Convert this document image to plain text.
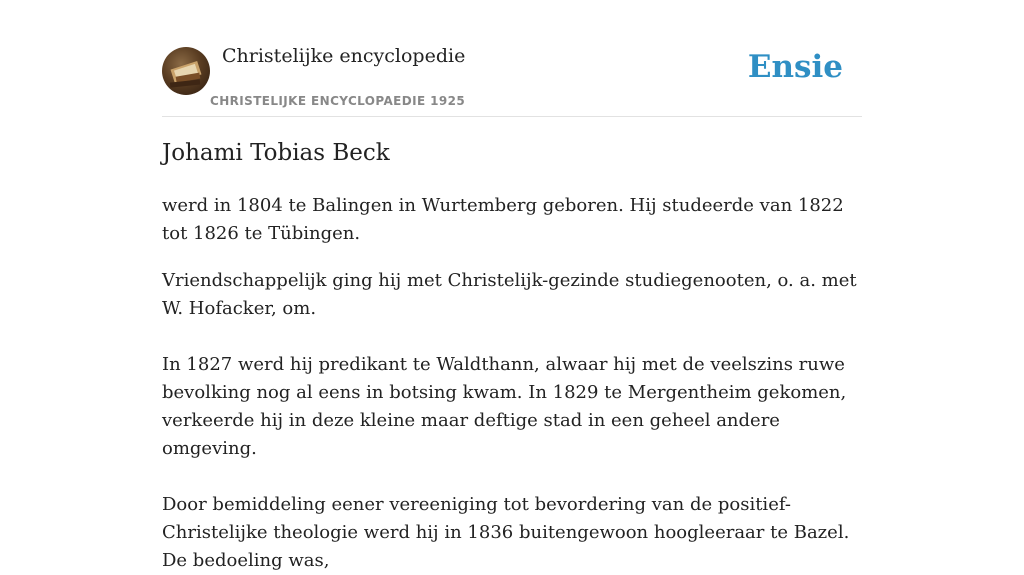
Christelijke encyclopedie
CHRISTELIJKE ENCYCLOPAEDIE 1925
Ensie
Johami Tobias Beck

werd in 1804 te Balingen in Wurtemberg geboren. Hij studeerde van 1822 tot 1826 te Tübingen.

Vriendschappelijk ging hij met Christelijk-gezinde studiegenooten, o. a. met W. Hofacker, om.

In 1827 werd hij predikant te Waldthann, alwaar hij met de veelszins ruwe bevolking nog al eens in botsing kwam. In 1829 te Mergentheim gekomen, verkeerde hij in deze kleine maar deftige stad in een geheel andere omgeving.

Door bemiddeling eener vereeniging tot bevordering van de positief-Christelijke theologie werd hij in 1836 buitengewoon hoogleeraar te Bazel. De bedoeling was,
